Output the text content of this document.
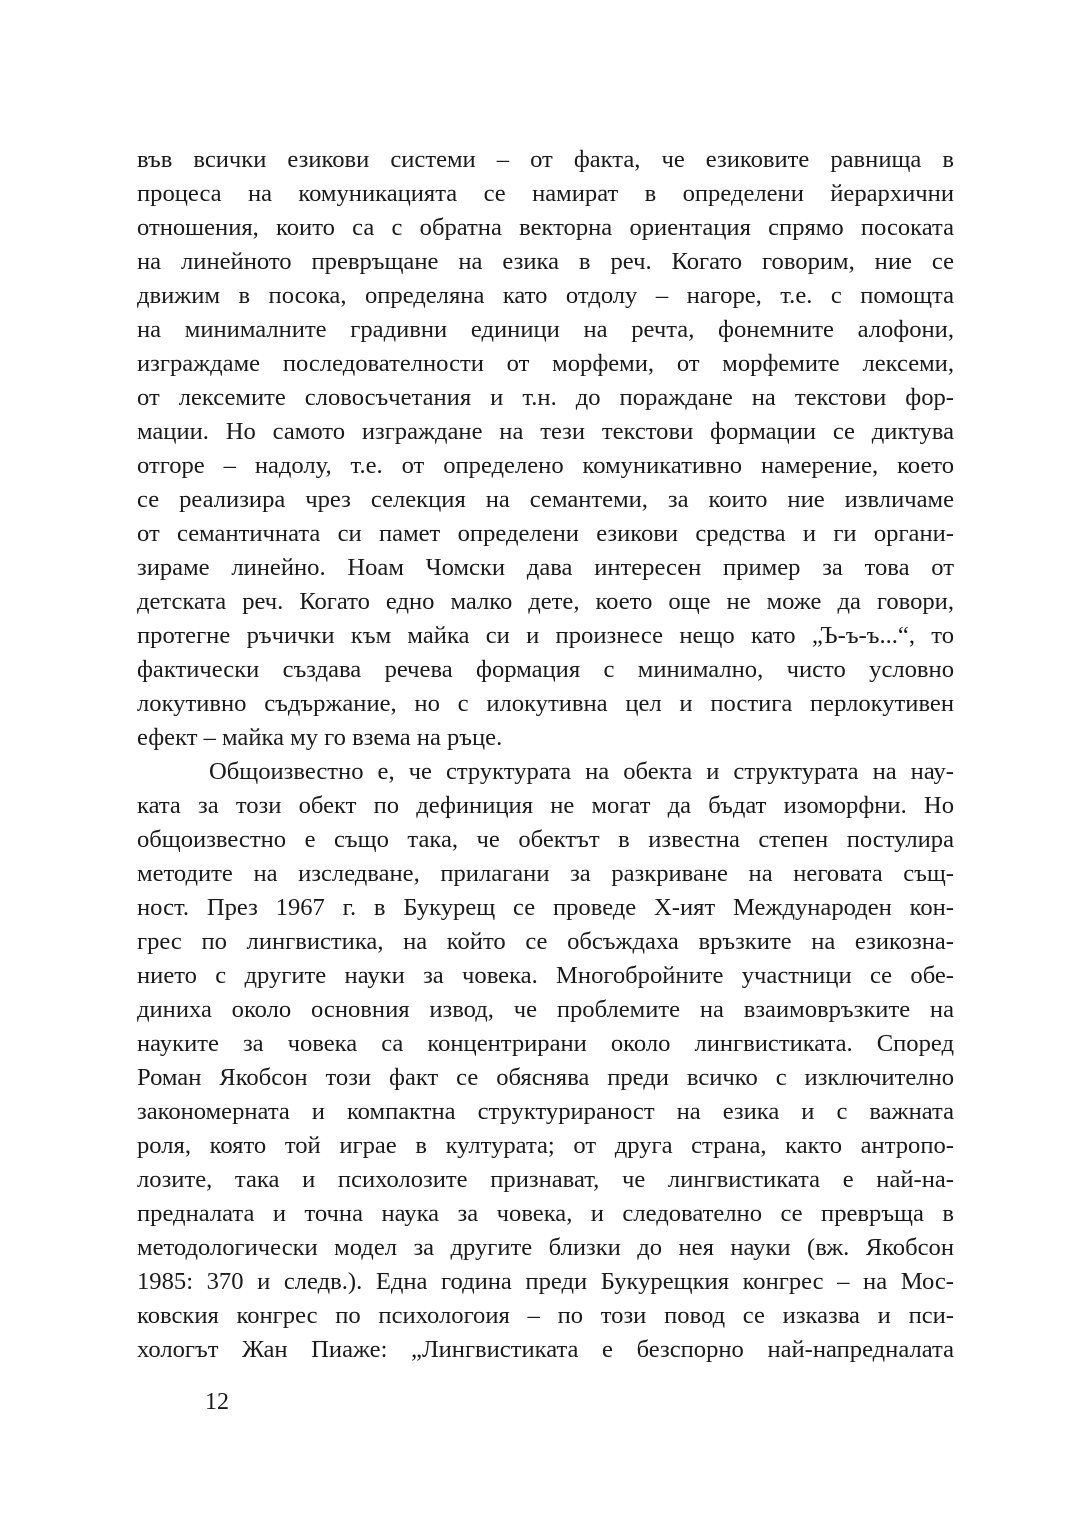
във всички езикови системи – от факта, че езиковите равнища в
процеса на комуникацията се намират в определени йерархични
отношения, които са с обратна векторна ориентация спрямо посоката
на линейното превръщане на езика в реч. Когато говорим, ние се
движим в посока, определяна като отдолу – нагоре, т.е. с помощта
на минималните градивни единици на речта, фонемните алофони,
изграждаме последователности от морфеми, от морфемите лексеми,
от лексемите словосъчетания и т.н. до пораждане на текстови фор-
мации. Но самото изграждане на тези текстови формации се диктува
отгоре – надолу, т.е. от определено комуникативно намерение, което
се реализира чрез селекция на семантеми, за които ние извличаме
от семантичната си памет определени езикови средства и ги органи-
зираме линейно. Ноам Чомски дава интересен пример за това от
детската реч. Когато едно малко дете, което още не може да говори,
протегне ръчички към майка си и произнесе нещо като „Ъ-ъ-ъ...“, то
фактически създава речева формация с минимално, чисто условно
локутивно съдържание, но с илокутивна цел и постига перлокутивен
ефект – майка му го взема на ръце.
Общоизвестно е, че структурата на обекта и структурата на нау-
ката за този обект по дефиниция не могат да бъдат изоморфни. Но
общоизвестно е също така, че обектът в известна степен постулира
методите на изследване, прилагани за разкриване на неговата същ-
ност. През 1967 г. в Букурещ се проведе X-ият Международен кон-
грес по лингвистика, на който се обсъждаха връзките на езикозна-
нието с другите науки за човека. Многобройните участници се обе-
диниха около основния извод, че проблемите на взаимовръзките на
науките за човека са концентрирани около лингвистиката. Според
Роман Якобсон този факт се обяснява преди всичко с изключително
закономерната и компактна структурираност на езика и с важната
роля, която той играе в културата; от друга страна, както антропо-
лозите, така и психолозите признават, че лингвистиката е най-на-
предналата и точна наука за човека, и следователно се превръща в
методологически модел за другите близки до нея науки (вж. Якобсон
1985: 370 и следв.). Една година преди Букурещкия конгрес – на Мос-
ковския конгрес по психологоия – по този повод се изказва и пси-
хологът Жан Пиаже: „Лингвистиката е безспорно най-напредналата
12
